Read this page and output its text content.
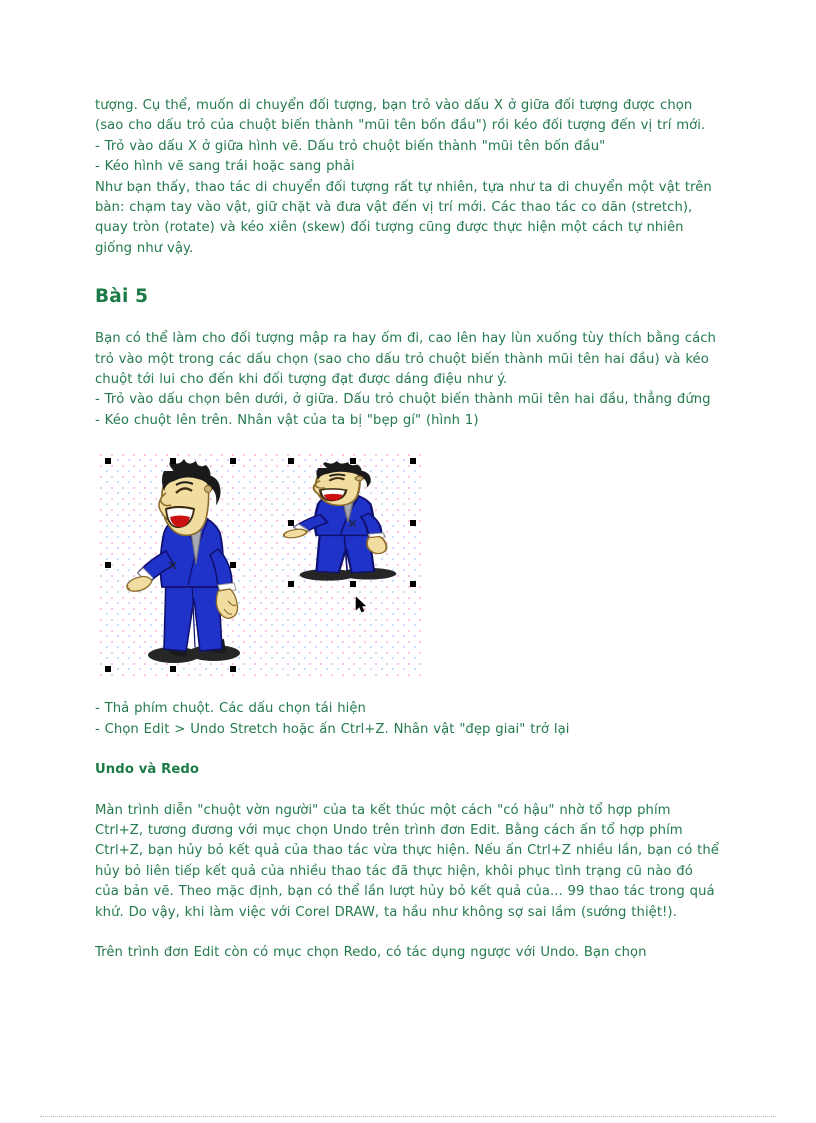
tượng. Cụ thể, muốn di chuyển đối tượng, bạn trỏ vào dấu X ở giữa đối tượng được chọn (sao cho dấu trỏ của chuột biến thành "mũi tên bốn đầu") rồi kéo đối tượng đến vị trí mới.

- Trỏ vào dấu X ở giữa hình vẽ. Dấu trỏ chuột biến thành "mũi tên bốn đầu"

- Kéo hình vẽ sang trái hoặc sang phải

Như bạn thấy, thao tác di chuyển đối tượng rất tự nhiên, tựa như ta di chuyển một vật trên bàn: chạm tay vào vật, giữ chặt và đưa vật đến vị trí mới. Các thao tác co dãn (stretch), quay tròn (rotate) và kéo xiên (skew) đối tượng cũng được thực hiện một cách tự nhiên giống như vậy.

Bài 5

Bạn có thể làm cho đối tượng mập ra hay ốm đi, cao lên hay lùn xuống tùy thích bằng cách trỏ vào một trong các dấu chọn (sao cho dấu trỏ chuột biến thành mũi tên hai đầu) và kéo chuột tới lui cho đến khi đối tượng đạt được dáng điệu như ý.

- Trỏ vào dấu chọn bên dưới, ở giữa. Dấu trỏ chuột biến thành mũi tên hai đầu, thẳng đứng

- Kéo chuột lên trên. Nhân vật của ta bị "bẹp gí" (hình 1)

- Thả phím chuột. Các dấu chọn tái hiện

- Chọn Edit > Undo Stretch hoặc ấn Ctrl+Z. Nhân vật "đẹp giai" trở lại

Undo và Redo

Màn trình diễn "chuột vờn người" của ta kết thúc một cách "có hậu" nhờ tổ hợp phím Ctrl+Z, tương đương với mục chọn Undo trên trình đơn Edit. Bằng cách ấn tổ hợp phím Ctrl+Z, bạn hủy bỏ kết quả của thao tác vừa thực hiện. Nếu ấn Ctrl+Z nhiều lần, bạn có thể hủy bỏ liên tiếp kết quả của nhiều thao tác đã thực hiện, khôi phục tình trạng cũ nào đó của bản vẽ. Theo mặc định, bạn có thể lần lượt hủy bỏ kết quả của... 99 thao tác trong quá khứ. Do vậy, khi làm việc với Corel DRAW, ta hầu như không sợ sai lầm (sướng thiệt!).

Trên trình đơn Edit còn có mục chọn Redo, có tác dụng ngược với Undo. Bạn chọn
